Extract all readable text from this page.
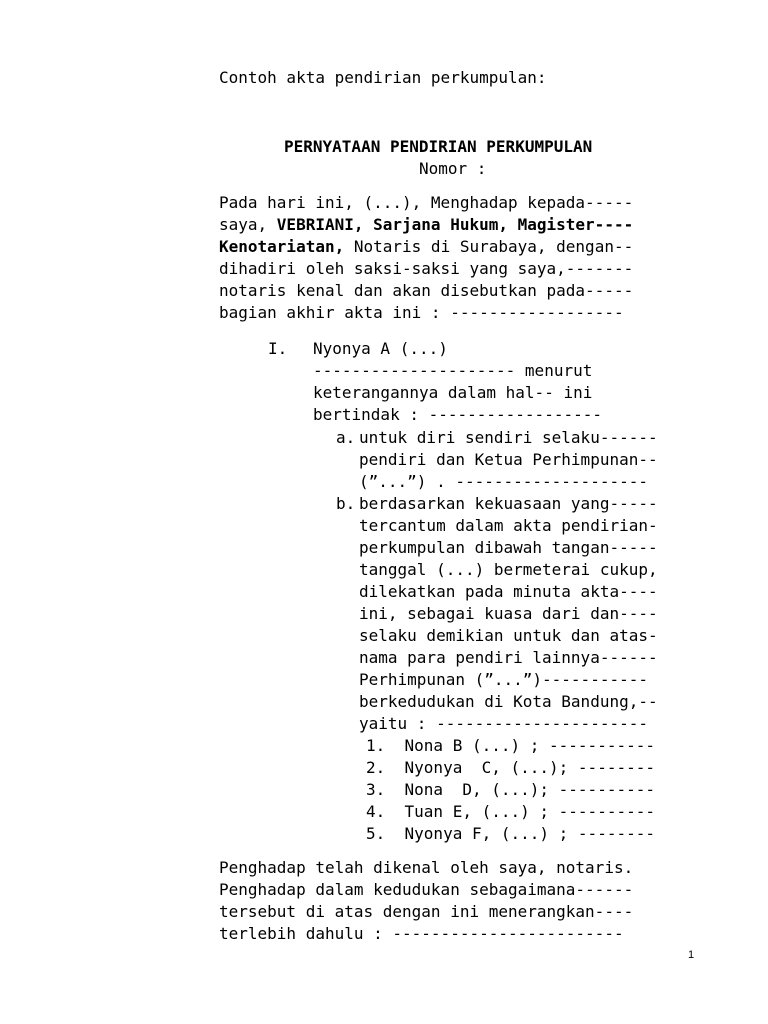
Contoh akta pendirian perkumpulan:

PERNYATAAN PENDIRIAN PERKUMPULAN

Nomor :

Pada hari ini, (...), Menghadap kepada-----

saya, VEBRIANI, Sarjana Hukum, Magister----

Kenotariatan, Notaris di Surabaya, dengan--

dihadiri oleh saksi-saksi yang saya,-------

notaris kenal dan akan disebutkan pada-----

bagian akhir akta ini : ------------------

I. Nyonya A (...)

--------------------- menurut

keterangannya dalam hal-- ini

bertindak : ------------------

a. untuk diri sendiri selaku------

pendiri dan Ketua Perhimpunan--

(”...”) . --------------------

b. berdasarkan kekuasaan yang-----

tercantum dalam akta pendirian-

perkumpulan dibawah tangan-----

tanggal (...) bermeterai cukup,

dilekatkan pada minuta akta----

ini, sebagai kuasa dari dan----

selaku demikian untuk dan atas-

nama para pendiri lainnya------

Perhimpunan (”...”)-----------

berkedudukan di Kota Bandung,--

yaitu : ----------------------

1.  Nona B (...) ; -----------

2.  Nyonya  C, (...); --------

3.  Nona  D, (...); ----------

4.  Tuan E, (...) ; ----------

5.  Nyonya F, (...) ; --------

Penghadap telah dikenal oleh saya, notaris.

Penghadap dalam kedudukan sebagaimana------

tersebut di atas dengan ini menerangkan----

terlebih dahulu : ------------------------

1
